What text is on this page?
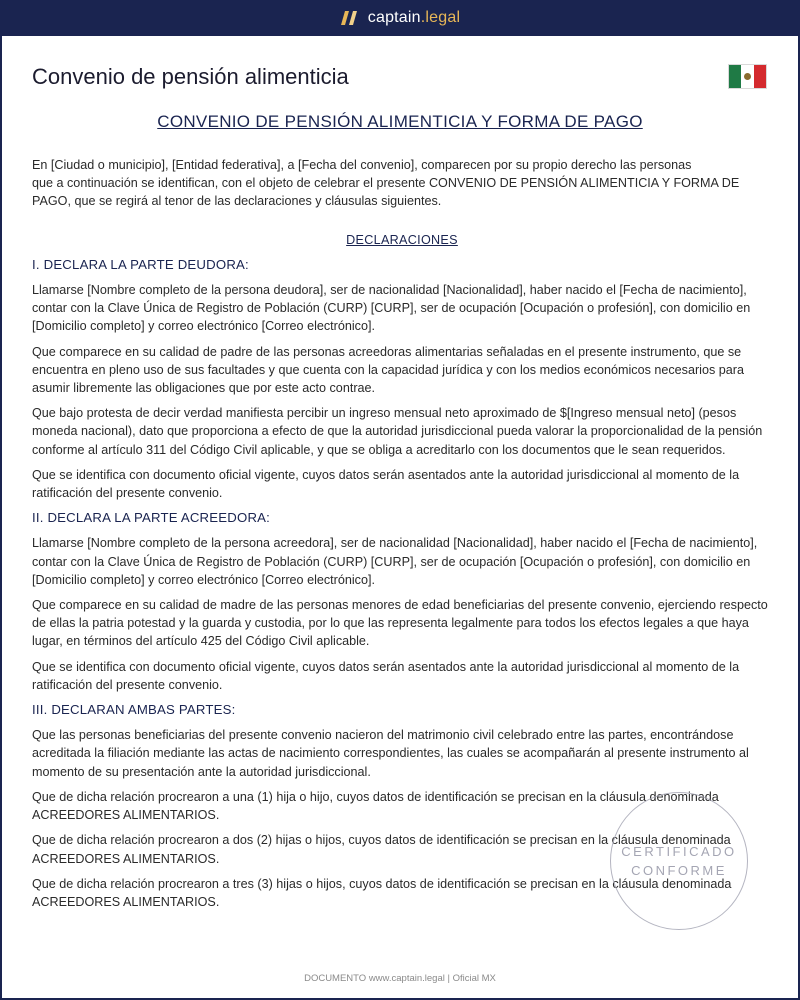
captain.legal
Convenio de pensión alimenticia
CONVENIO DE PENSIÓN ALIMENTICIA Y FORMA DE PAGO

En [Ciudad o municipio], [Entidad federativa], a [Fecha del convenio], comparecen por su propio derecho las personas
que a continuación se identifican, con el objeto de celebrar el presente CONVENIO DE PENSIÓN ALIMENTICIA Y FORMA DE
PAGO, que se regirá al tenor de las declaraciones y cláusulas siguientes.

DECLARACIONES

I. DECLARA LA PARTE DEUDORA:

Llamarse [Nombre completo de la persona deudora], ser de nacionalidad [Nacionalidad], haber nacido el [Fecha de nacimiento], contar con la Clave Única de Registro de Población (CURP) [CURP], ser de ocupación [Ocupación o profesión], con domicilio en [Domicilio completo] y correo electrónico [Correo electrónico].

Que comparece en su calidad de padre de las personas acreedoras alimentarias señaladas en el presente instrumento, que se encuentra en pleno uso de sus facultades y que cuenta con la capacidad jurídica y con los medios económicos necesarios para asumir libremente las obligaciones que por este acto contrae.

Que bajo protesta de decir verdad manifiesta percibir un ingreso mensual neto aproximado de $[Ingreso mensual neto] (pesos moneda nacional), dato que proporciona a efecto de que la autoridad jurisdiccional pueda valorar la proporcionalidad de la pensión conforme al artículo 311 del Código Civil aplicable, y que se obliga a acreditarlo con los documentos que le sean requeridos.

Que se identifica con documento oficial vigente, cuyos datos serán asentados ante la autoridad jurisdiccional al momento de la ratificación del presente convenio.

II. DECLARA LA PARTE ACREEDORA:

Llamarse [Nombre completo de la persona acreedora], ser de nacionalidad [Nacionalidad], haber nacido el [Fecha de nacimiento], contar con la Clave Única de Registro de Población (CURP) [CURP], ser de ocupación [Ocupación o profesión], con domicilio en [Domicilio completo] y correo electrónico [Correo electrónico].

Que comparece en su calidad de madre de las personas menores de edad beneficiarias del presente convenio, ejerciendo respecto de ellas la patria potestad y la guarda y custodia, por lo que las representa legalmente para todos los efectos legales a que haya lugar, en términos del artículo 425 del Código Civil aplicable.

Que se identifica con documento oficial vigente, cuyos datos serán asentados ante la autoridad jurisdiccional al momento de la ratificación del presente convenio.

III. DECLARAN AMBAS PARTES:

Que las personas beneficiarias del presente convenio nacieron del matrimonio civil celebrado entre las partes, encontrándose acreditada la filiación mediante las actas de nacimiento correspondientes, las cuales se acompañarán al presente instrumento al momento de su presentación ante la autoridad jurisdiccional.

Que de dicha relación procrearon a una (1) hija o hijo, cuyos datos de identificación se precisan en la cláusula denominada ACREEDORES ALIMENTARIOS.

Que de dicha relación procrearon a dos (2) hijas o hijos, cuyos datos de identificación se precisan en la cláusula denominada ACREEDORES ALIMENTARIOS.

Que de dicha relación procrearon a tres (3) hijas o hijos, cuyos datos de identificación se precisan en la cláusula denominada ACREEDORES ALIMENTARIOS.

CERTIFICADO
CONFORME
DOCUMENTO www.captain.legal | Oficial MX
